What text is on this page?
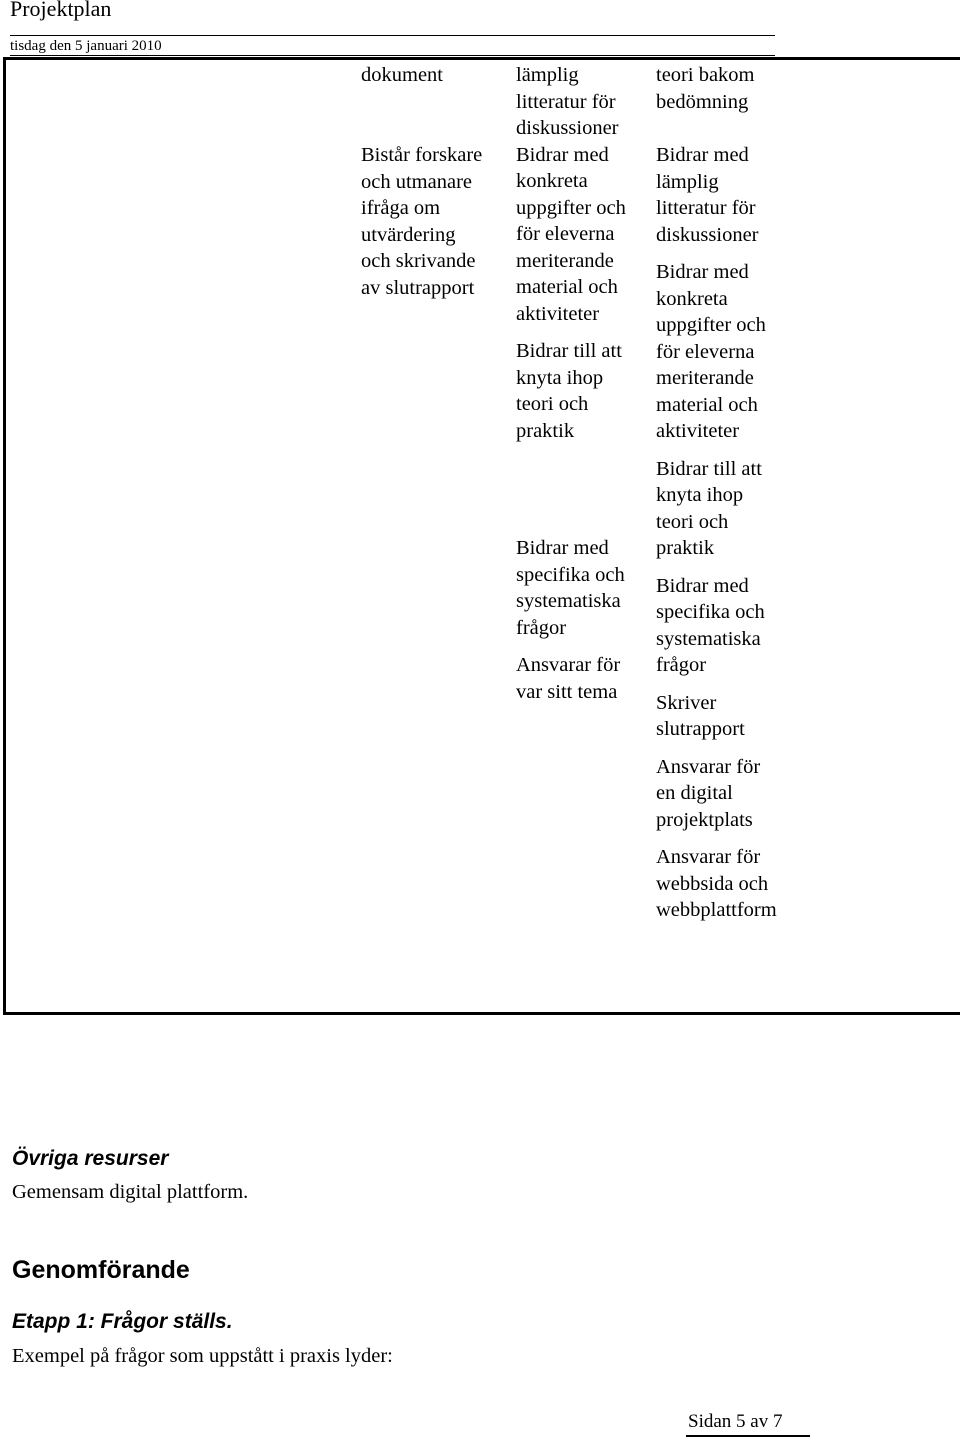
Projektplan
tisdag den 5 januari 2010
dokument
Bistår forskare
och utmanare
ifråga om
utvärdering
och skrivande
av slutrapport
lämplig
litteratur för
diskussioner
Bidrar med
konkreta
uppgifter och
för eleverna
meriterande
material och
aktiviteter
Bidrar till att
knyta ihop
teori och
praktik
Bidrar med
specifika och
systematiska
frågor
Ansvarar för
var sitt tema
teori bakom
bedömning
Bidrar med
lämplig
litteratur för
diskussioner
Bidrar med
konkreta
uppgifter och
för eleverna
meriterande
material och
aktiviteter
Bidrar till att
knyta ihop
teori och
praktik
Bidrar med
specifika och
systematiska
frågor
Skriver
slutrapport
Ansvarar för
en digital
projektplats
Ansvarar för
webbsida och
webbplattform
Övriga resurser
Gemensam digital plattform.
Genomförande
Etapp 1: Frågor ställs.
Exempel på frågor som uppstått i praxis lyder:
Sidan 5 av 7
